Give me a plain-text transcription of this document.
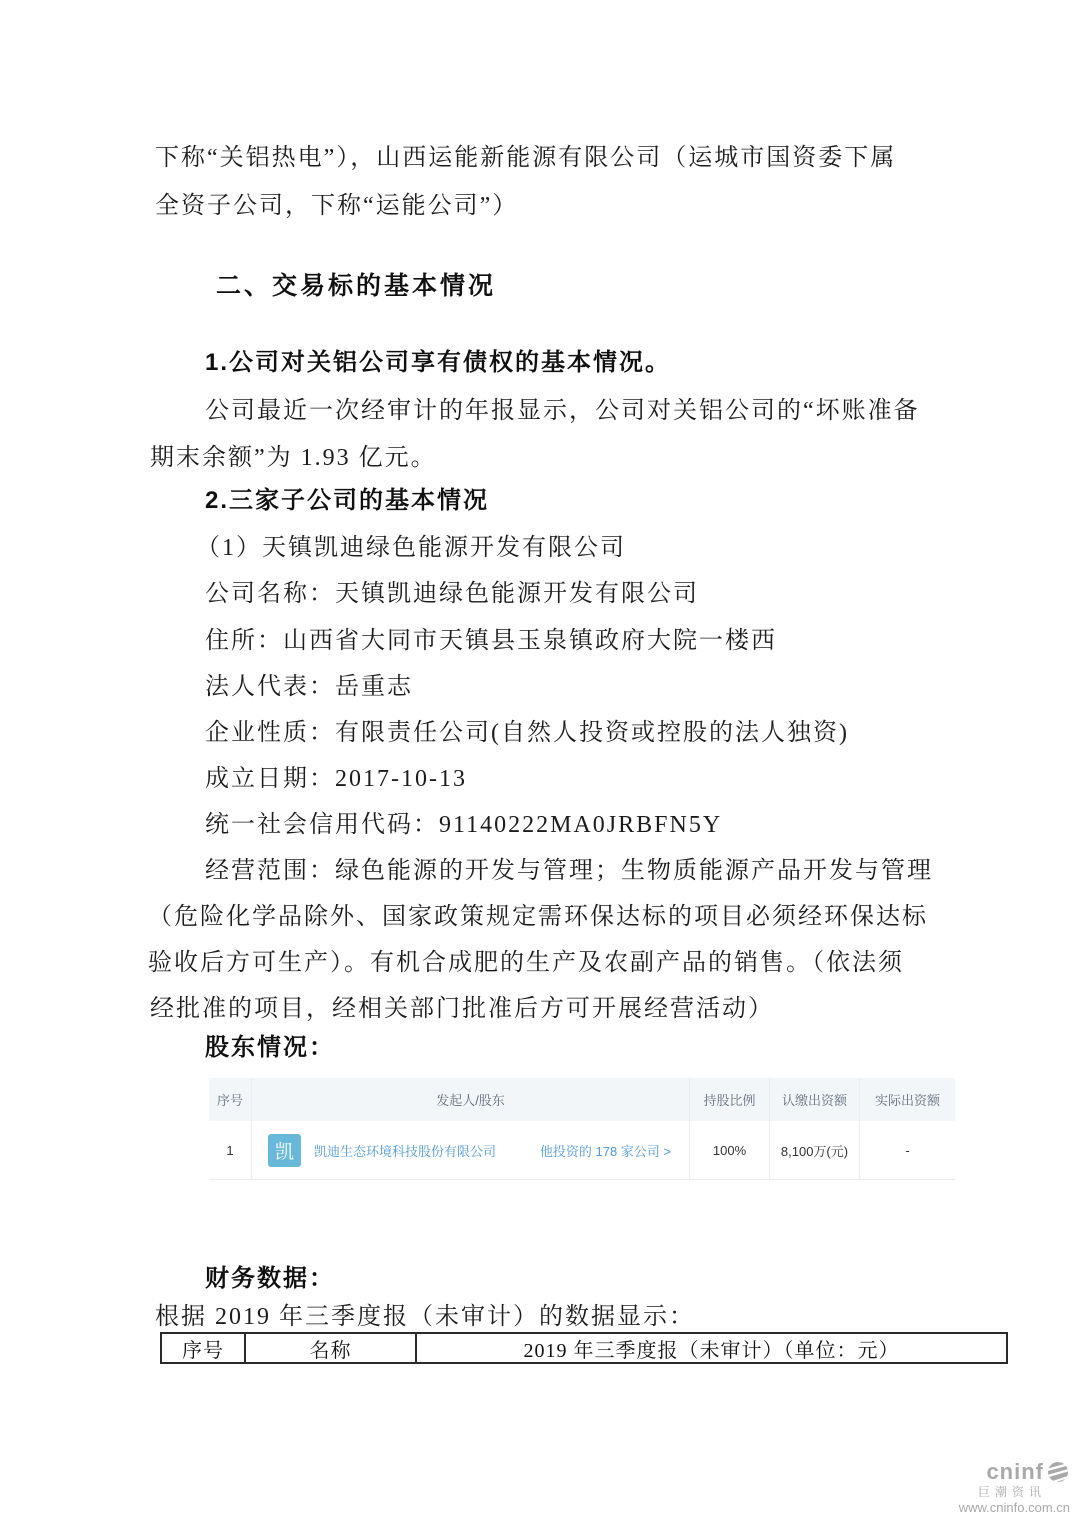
下称“关铝热电”），山西运能新能源有限公司（运城市国资委下属
全资子公司，下称“运能公司”）
二、交易标的基本情况
1.公司对关铝公司享有债权的基本情况。
公司最近一次经审计的年报显示，公司对关铝公司的“坏账准备
期末余额”为 1.93 亿元。
2.三家子公司的基本情况
（1）天镇凯迪绿色能源开发有限公司
公司名称：天镇凯迪绿色能源开发有限公司
住所：山西省大同市天镇县玉泉镇政府大院一楼西
法人代表：岳重志
企业性质：有限责任公司(自然人投资或控股的法人独资)
成立日期：2017-10-13
统一社会信用代码：91140222MA0JRBFN5Y
经营范围：绿色能源的开发与管理；生物质能源产品开发与管理
（危险化学品除外、国家政策规定需环保达标的项目必须经环保达标
验收后方可生产）。有机合成肥的生产及农副产品的销售。（依法须
经批准的项目，经相关部门批准后方可开展经营活动）
股东情况：
序号	发起人/股东	持股比例	认缴出资额	实际出资额
1	凯	凯迪生态环境科技股份有限公司	他投资的 178 家公司 >	100%	8,100万(元)	-
财务数据：
根据 2019 年三季度报（未审计）的数据显示：
序号	名称	2019 年三季度报（未审计）（单位：元）
cninf
巨潮资讯
www.cninfo.com.cn
